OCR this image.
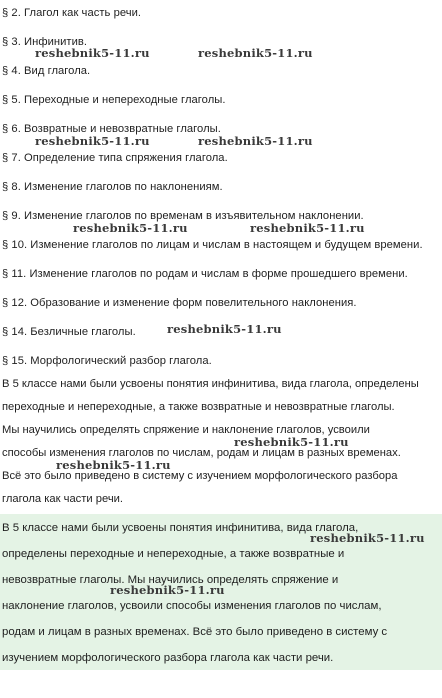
§ 2. Глагол как часть речи.
§ 3. Инфинитив.
§ 4. Вид глагола.
§ 5. Переходные и непереходные глаголы.
§ 6. Возвратные и невозвратные глаголы.
§ 7. Определение типа спряжения глагола.
§ 8. Изменение глаголов по наклонениям.
§ 9. Изменение глаголов по временам в изъявительном наклонении.
§ 10. Изменение глаголов по лицам и числам в настоящем и будущем времени.
§ 11. Изменение глаголов по родам и числам в форме прошедшего времени.
§ 12. Образование и изменение форм повелительного наклонения.
§ 14. Безличные глаголы.
§ 15. Морфологический разбор глагола.
В 5 классе нами были усвоены понятия инфинитива, вида глагола, определены
переходные и непереходные, а также возвратные и невозвратные глаголы.
Мы научились определять спряжение и наклонение глаголов, усвоили
способы изменения глаголов по числам, родам и лицам в разных временах.
Всё это было приведено в систему с изучением морфологического разбора
глагола как части речи.
В 5 классе нами были усвоены понятия инфинитива, вида глагола,
определены переходные и непереходные, а также возвратные и
невозвратные глаголы. Мы научились определять спряжение и
наклонение глаголов, усвоили способы изменения глаголов по числам,
родам и лицам в разных временах. Всё это было приведено в систему с
изучением морфологического разбора глагола как части речи.
reshebnik5-11.ru	reshebnik5-11.ru
reshebnik5-11.ru	reshebnik5-11.ru
reshebnik5-11.ru	reshebnik5-11.ru
reshebnik5-11.ru
reshebnik5-11.ru
reshebnik5-11.ru
reshebnik5-11.ru
reshebnik5-11.ru
